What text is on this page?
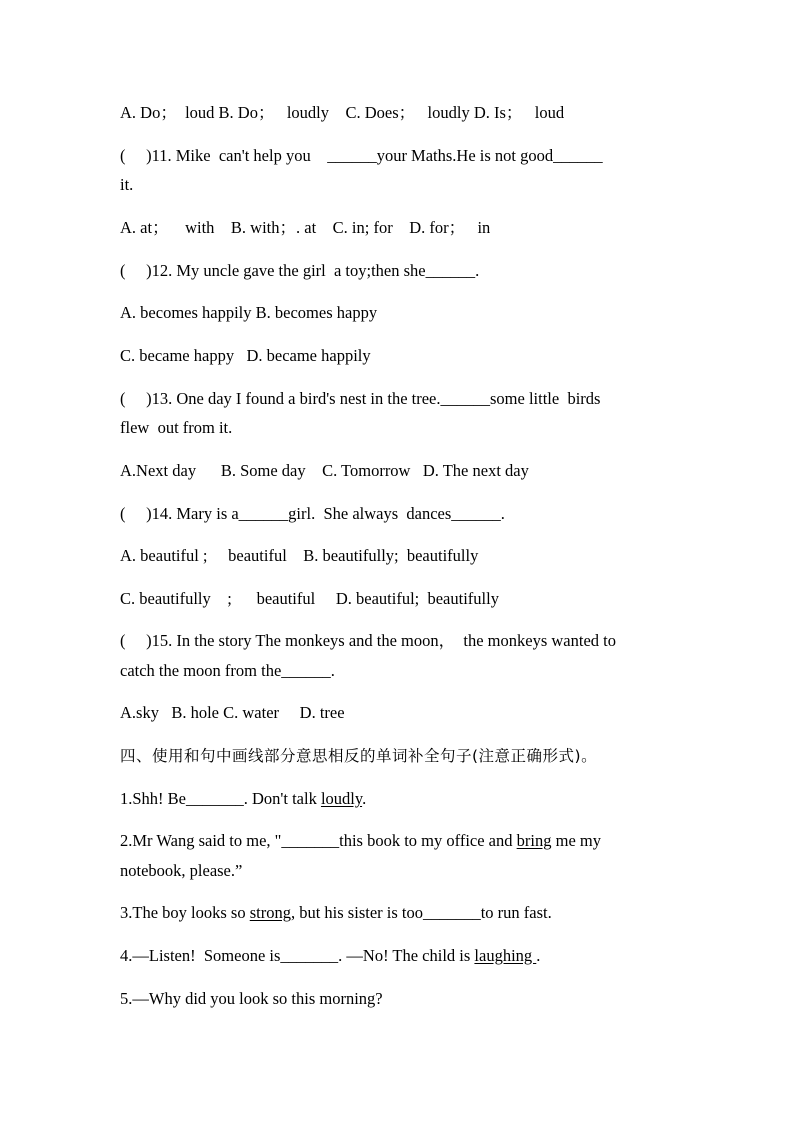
A. Do；  loud B. Do；   loudly    C. Does；   loudly D. Is；   loud
(     )11. Mike  can't help you    ______your Maths.He is not good______
it.
A. at；    with    B. with；. at    C. in; for    D. for；   in
(     )12. My uncle gave the girl  a toy;then she______.
A. becomes happily B. becomes happy
C. became happy   D. became happily
(     )13. One day I found a bird's nest in the tree.______some little  birds
flew  out from it.
A.Next day      B. Some day    C. Tomorrow   D. The next day
(     )14. Mary is a______girl.  She always  dances______.
A. beautiful ;     beautiful    B. beautifully;  beautifully
C. beautifully    ;      beautiful     D. beautiful;  beautifully
(     )15. In the story The monkeys and the moon，  the monkeys wanted to
catch the moon from the______.
A.sky   B. hole C. water     D. tree
四、使用和句中画线部分意思相反的单词补全句子(注意正确形式)。
1.Shh! Be_______. Don't talk loudly.
2.Mr Wang said to me, "_______this book to my office and bring me my
notebook, please.”
3.The boy looks so strong, but his sister is too_______to run fast.
4.—Listen!  Someone is_______. —No! The child is laughing .
5.—Why did you look so this morning?
